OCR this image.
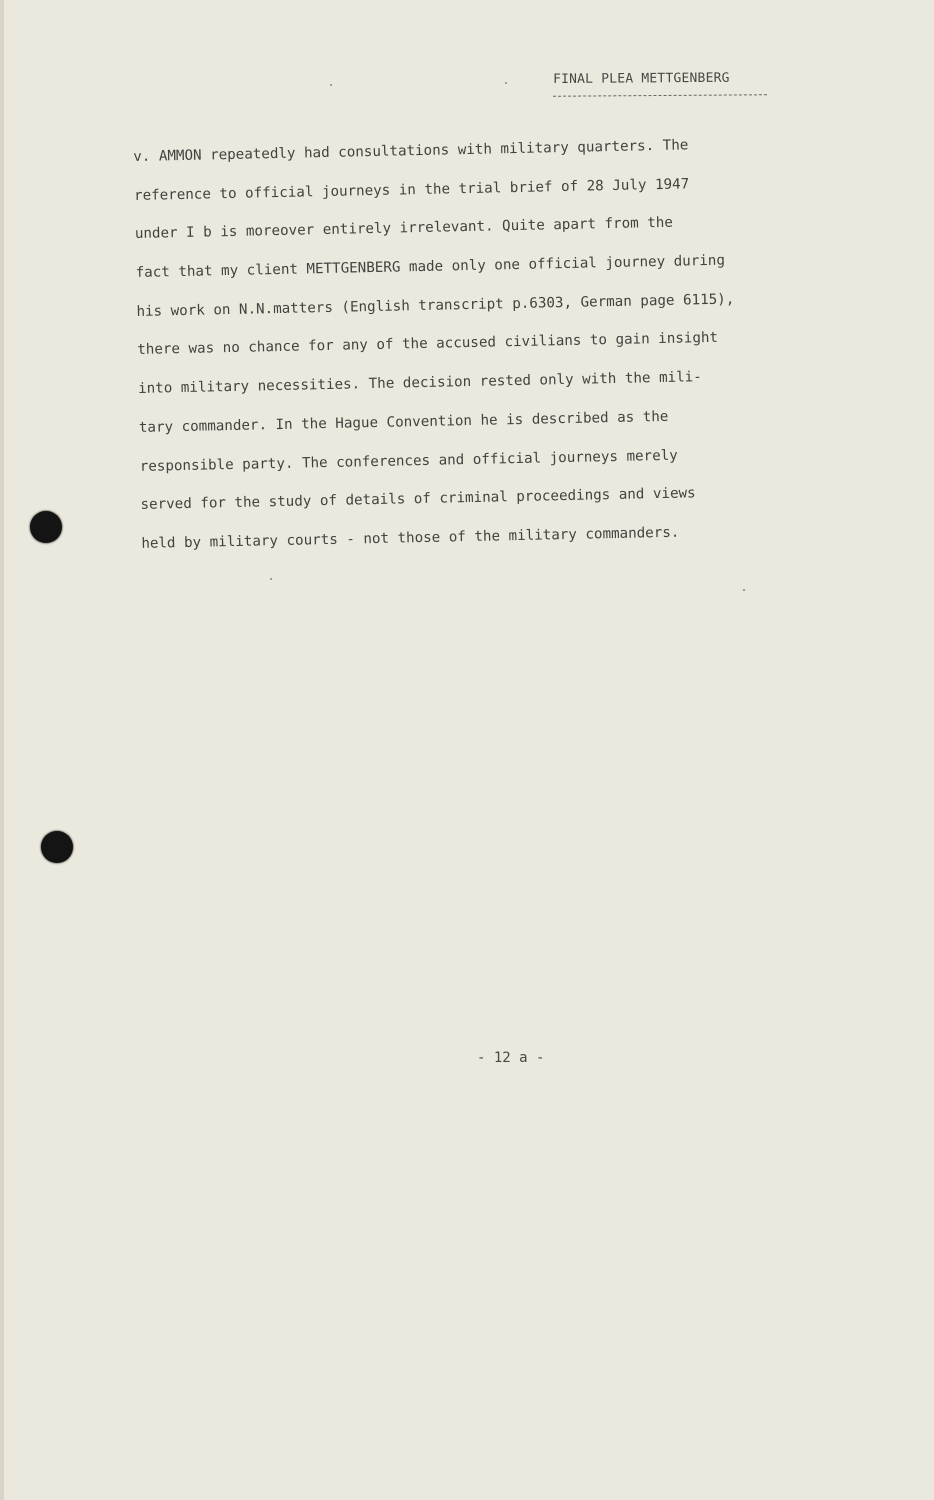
FINAL PLEA METTGENBERG
v. AMMON repeatedly had consultations with military quarters. The
reference to official journeys in the trial brief of 28 July 1947
under I b is moreover entirely irrelevant. Quite apart from the
fact that my client METTGENBERG made only one official journey during
his work on N.N.matters (English transcript p.6303, German page 6115),
there was no chance for any of the accused civilians to gain insight
into military necessities. The decision rested only with the mili-
tary commander. In the Hague Convention he is described as the
responsible party. The conferences and official journeys merely
served for the study of details of criminal proceedings and views
held by military courts - not those of the military commanders.
- 12 a -
